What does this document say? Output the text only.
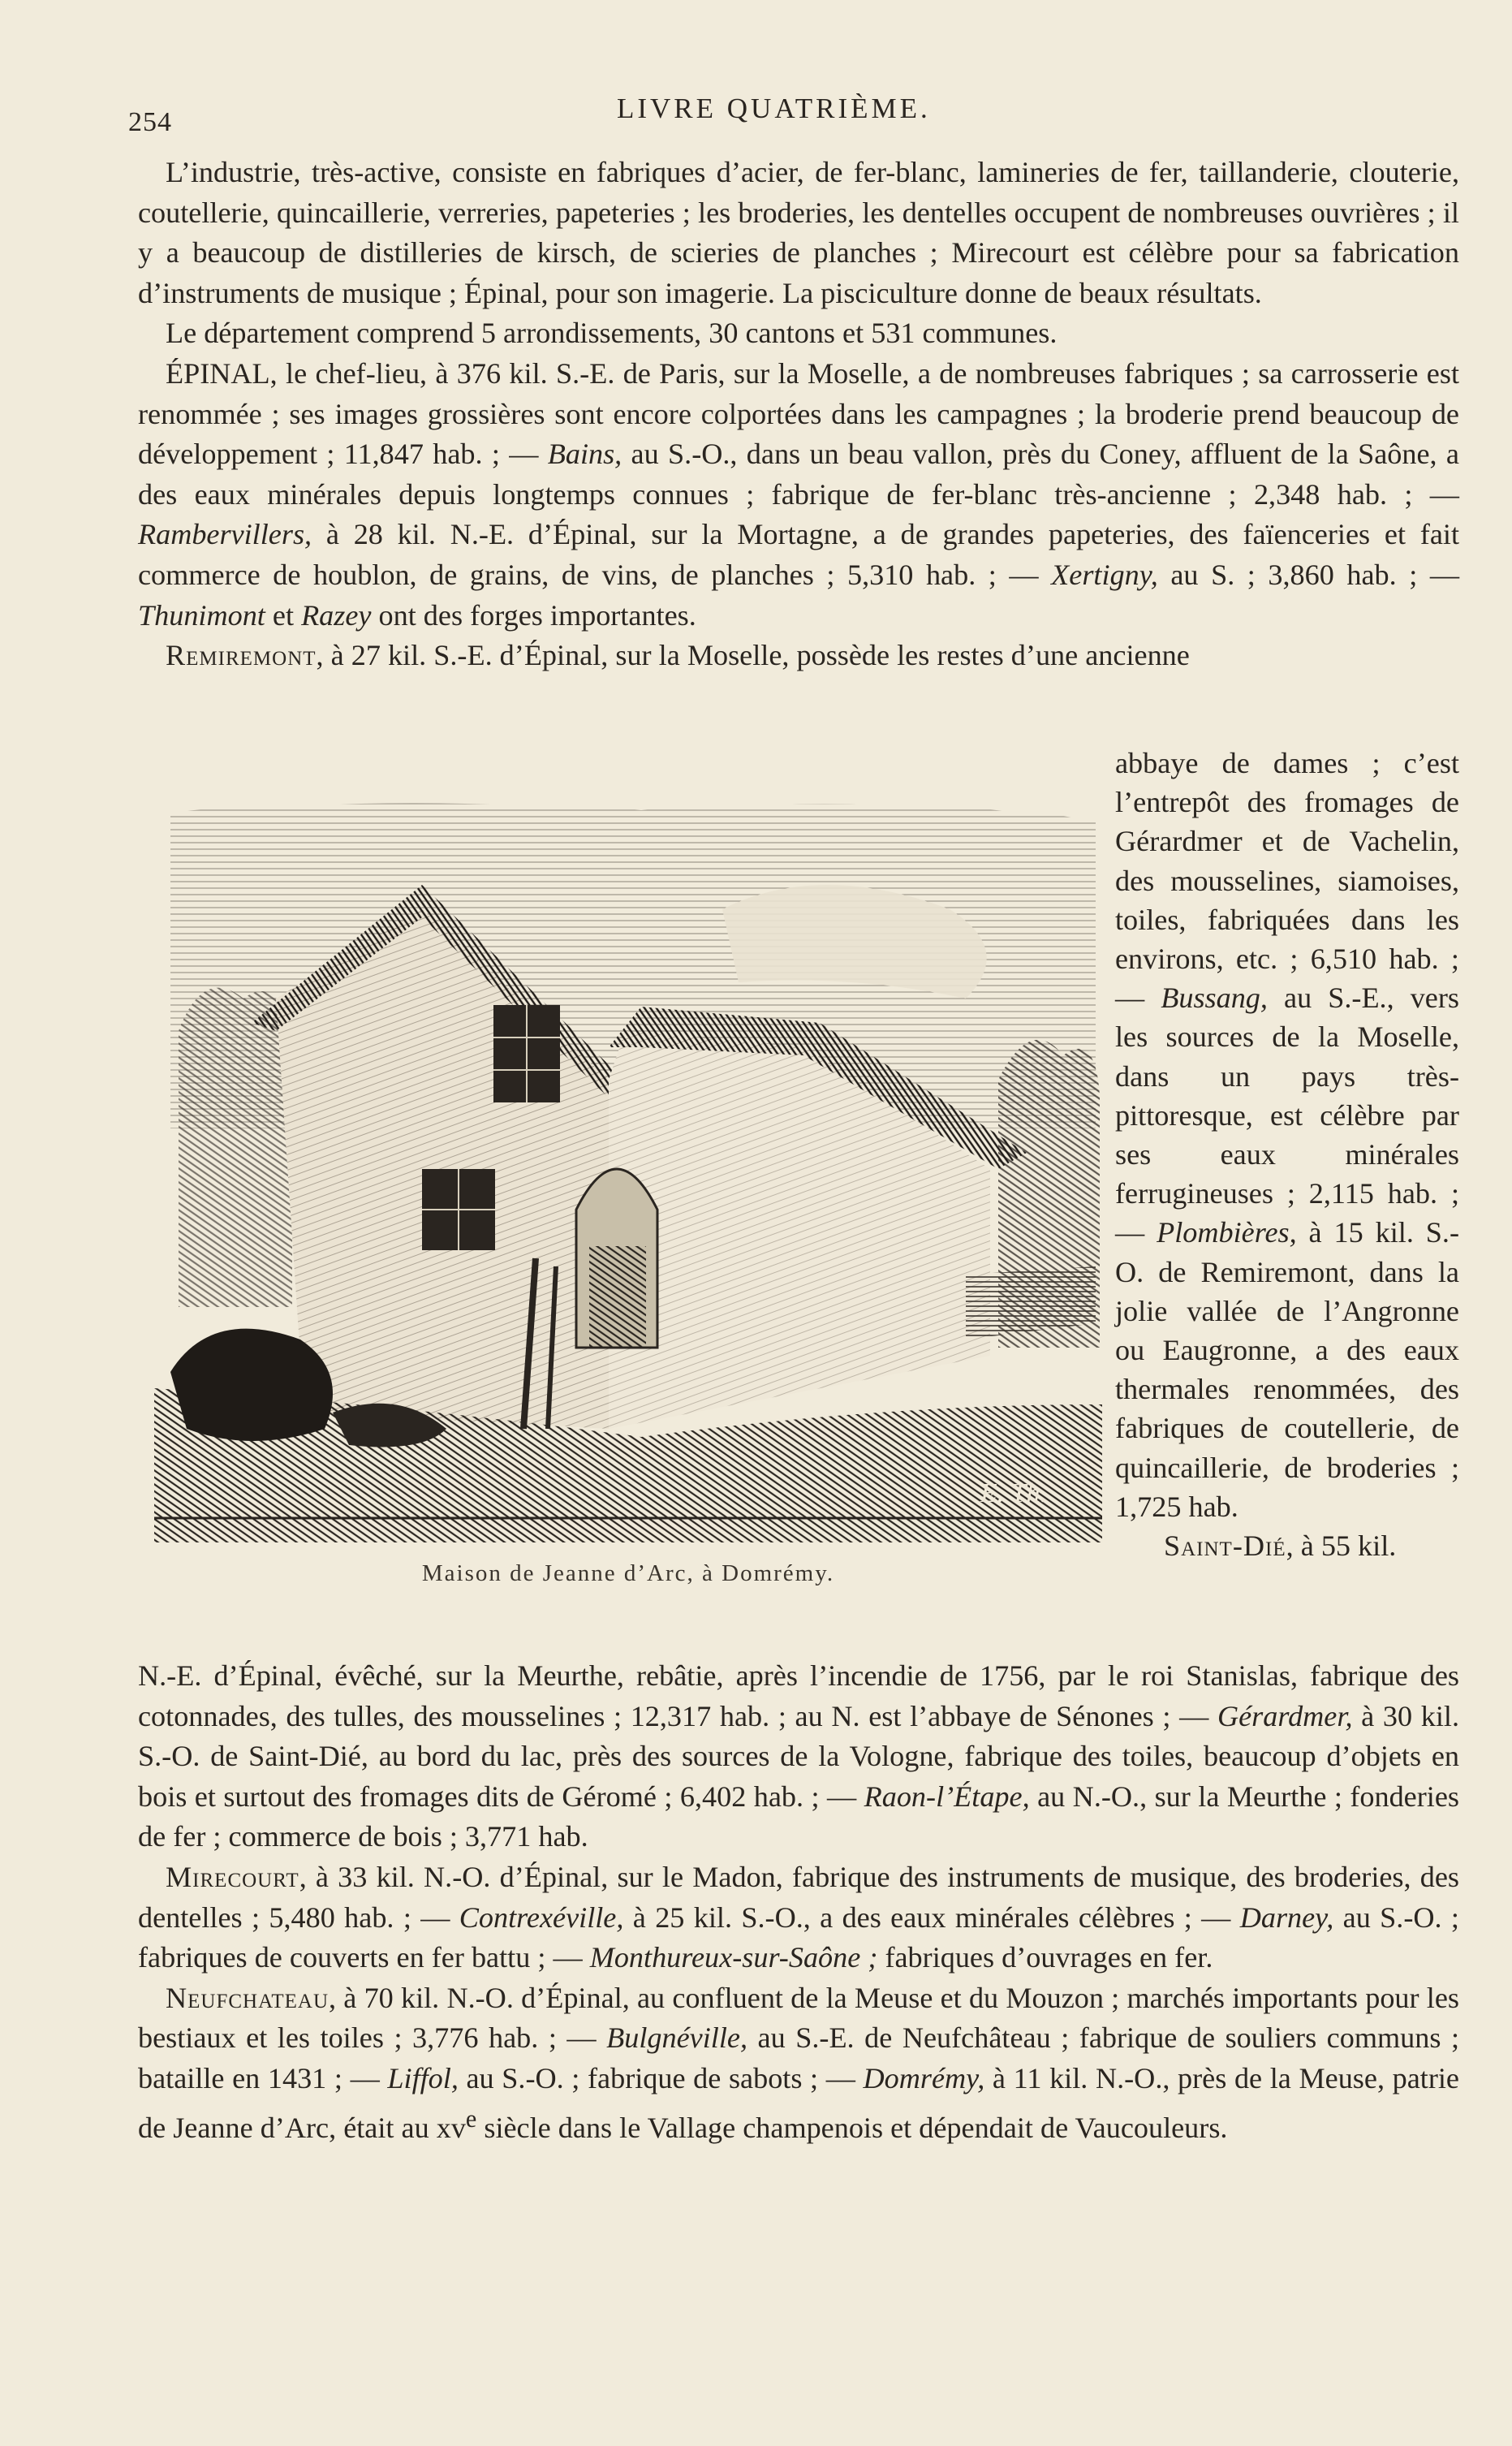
254	LIVRE QUATRIÈME.

L’industrie, très-active, consiste en fabriques d’acier, de fer-blanc, lamineries de fer, taillanderie, clouterie, coutellerie, quincaillerie, verreries, papeteries ; les broderies, les dentelles occupent de nombreuses ouvrières ; il y a beaucoup de distilleries de kirsch, de scieries de planches ; Mirecourt est célèbre pour sa fabrication d’instruments de musique ; Épinal, pour son imagerie. La pisciculture donne de beaux résultats.

Le département comprend 5 arrondissements, 30 cantons et 531 communes.

ÉPINAL, le chef-lieu, à 376 kil. S.-E. de Paris, sur la Moselle, a de nombreuses fabriques ; sa carrosserie est renommée ; ses images grossières sont encore colportées dans les campagnes ; la broderie prend beaucoup de développement ; 11,847 hab. ; — Bains, au S.-O., dans un beau vallon, près du Coney, affluent de la Saône, a des eaux minérales depuis longtemps connues ; fabrique de fer-blanc très-ancienne ; 2,348 hab. ; — Rambervillers, à 28 kil. N.-E. d’Épinal, sur la Mortagne, a de grandes papeteries, des faïenceries et fait commerce de houblon, de grains, de vins, de planches ; 5,310 hab. ; — Xertigny, au S. ; 3,860 hab. ; — Thunimont et Razey ont des forges importantes.

Remiremont, à 27 kil. S.-E. d’Épinal, sur la Moselle, possède les restes d’une ancienne

E. Th.
Maison de Jeanne d’Arc, à Domrémy.

abbaye de dames ; c’est l’entrepôt des fromages de Gérardmer et de Vachelin, des mousselines, siamoises, toiles, fabriquées dans les environs, etc. ; 6,510 hab. ; — Bussang, au S.-E., vers les sources de la Moselle, dans un pays très-pittoresque, est célèbre par ses eaux minérales ferrugineuses ; 2,115 hab. ; — Plombières, à 15 kil. S.-O. de Remiremont, dans la jolie vallée de l’Angronne ou Eaugronne, a des eaux thermales renommées, des fabriques de coutellerie, de quincaillerie, de broderies ; 1,725 hab.

Saint-Dié, à 55 kil.

N.-E. d’Épinal, évêché, sur la Meurthe, rebâtie, après l’incendie de 1756, par le roi Stanislas, fabrique des cotonnades, des tulles, des mousselines ; 12,317 hab. ; au N. est l’abbaye de Sénones ; — Gérardmer, à 30 kil. S.-O. de Saint-Dié, au bord du lac, près des sources de la Vologne, fabrique des toiles, beaucoup d’objets en bois et surtout des fromages dits de Géromé ; 6,402 hab. ; — Raon-l’Étape, au N.-O., sur la Meurthe ; fonderies de fer ; commerce de bois ; 3,771 hab.

Mirecourt, à 33 kil. N.-O. d’Épinal, sur le Madon, fabrique des instruments de musique, des broderies, des dentelles ; 5,480 hab. ; — Contrexéville, à 25 kil. S.-O., a des eaux minérales célèbres ; — Darney, au S.-O. ; fabriques de couverts en fer battu ; — Monthureux-sur-Saône ; fabriques d’ouvrages en fer.

Neufchateau, à 70 kil. N.-O. d’Épinal, au confluent de la Meuse et du Mouzon ; marchés importants pour les bestiaux et les toiles ; 3,776 hab. ; — Bulgnéville, au S.-E. de Neufchâteau ; fabrique de souliers communs ; bataille en 1431 ; — Liffol, au S.-O. ; fabrique de sabots ; — Domrémy, à 11 kil. N.-O., près de la Meuse, patrie de Jeanne d’Arc, était au $xv^e$ siècle dans le Vallage champenois et dépendait de Vaucouleurs.
